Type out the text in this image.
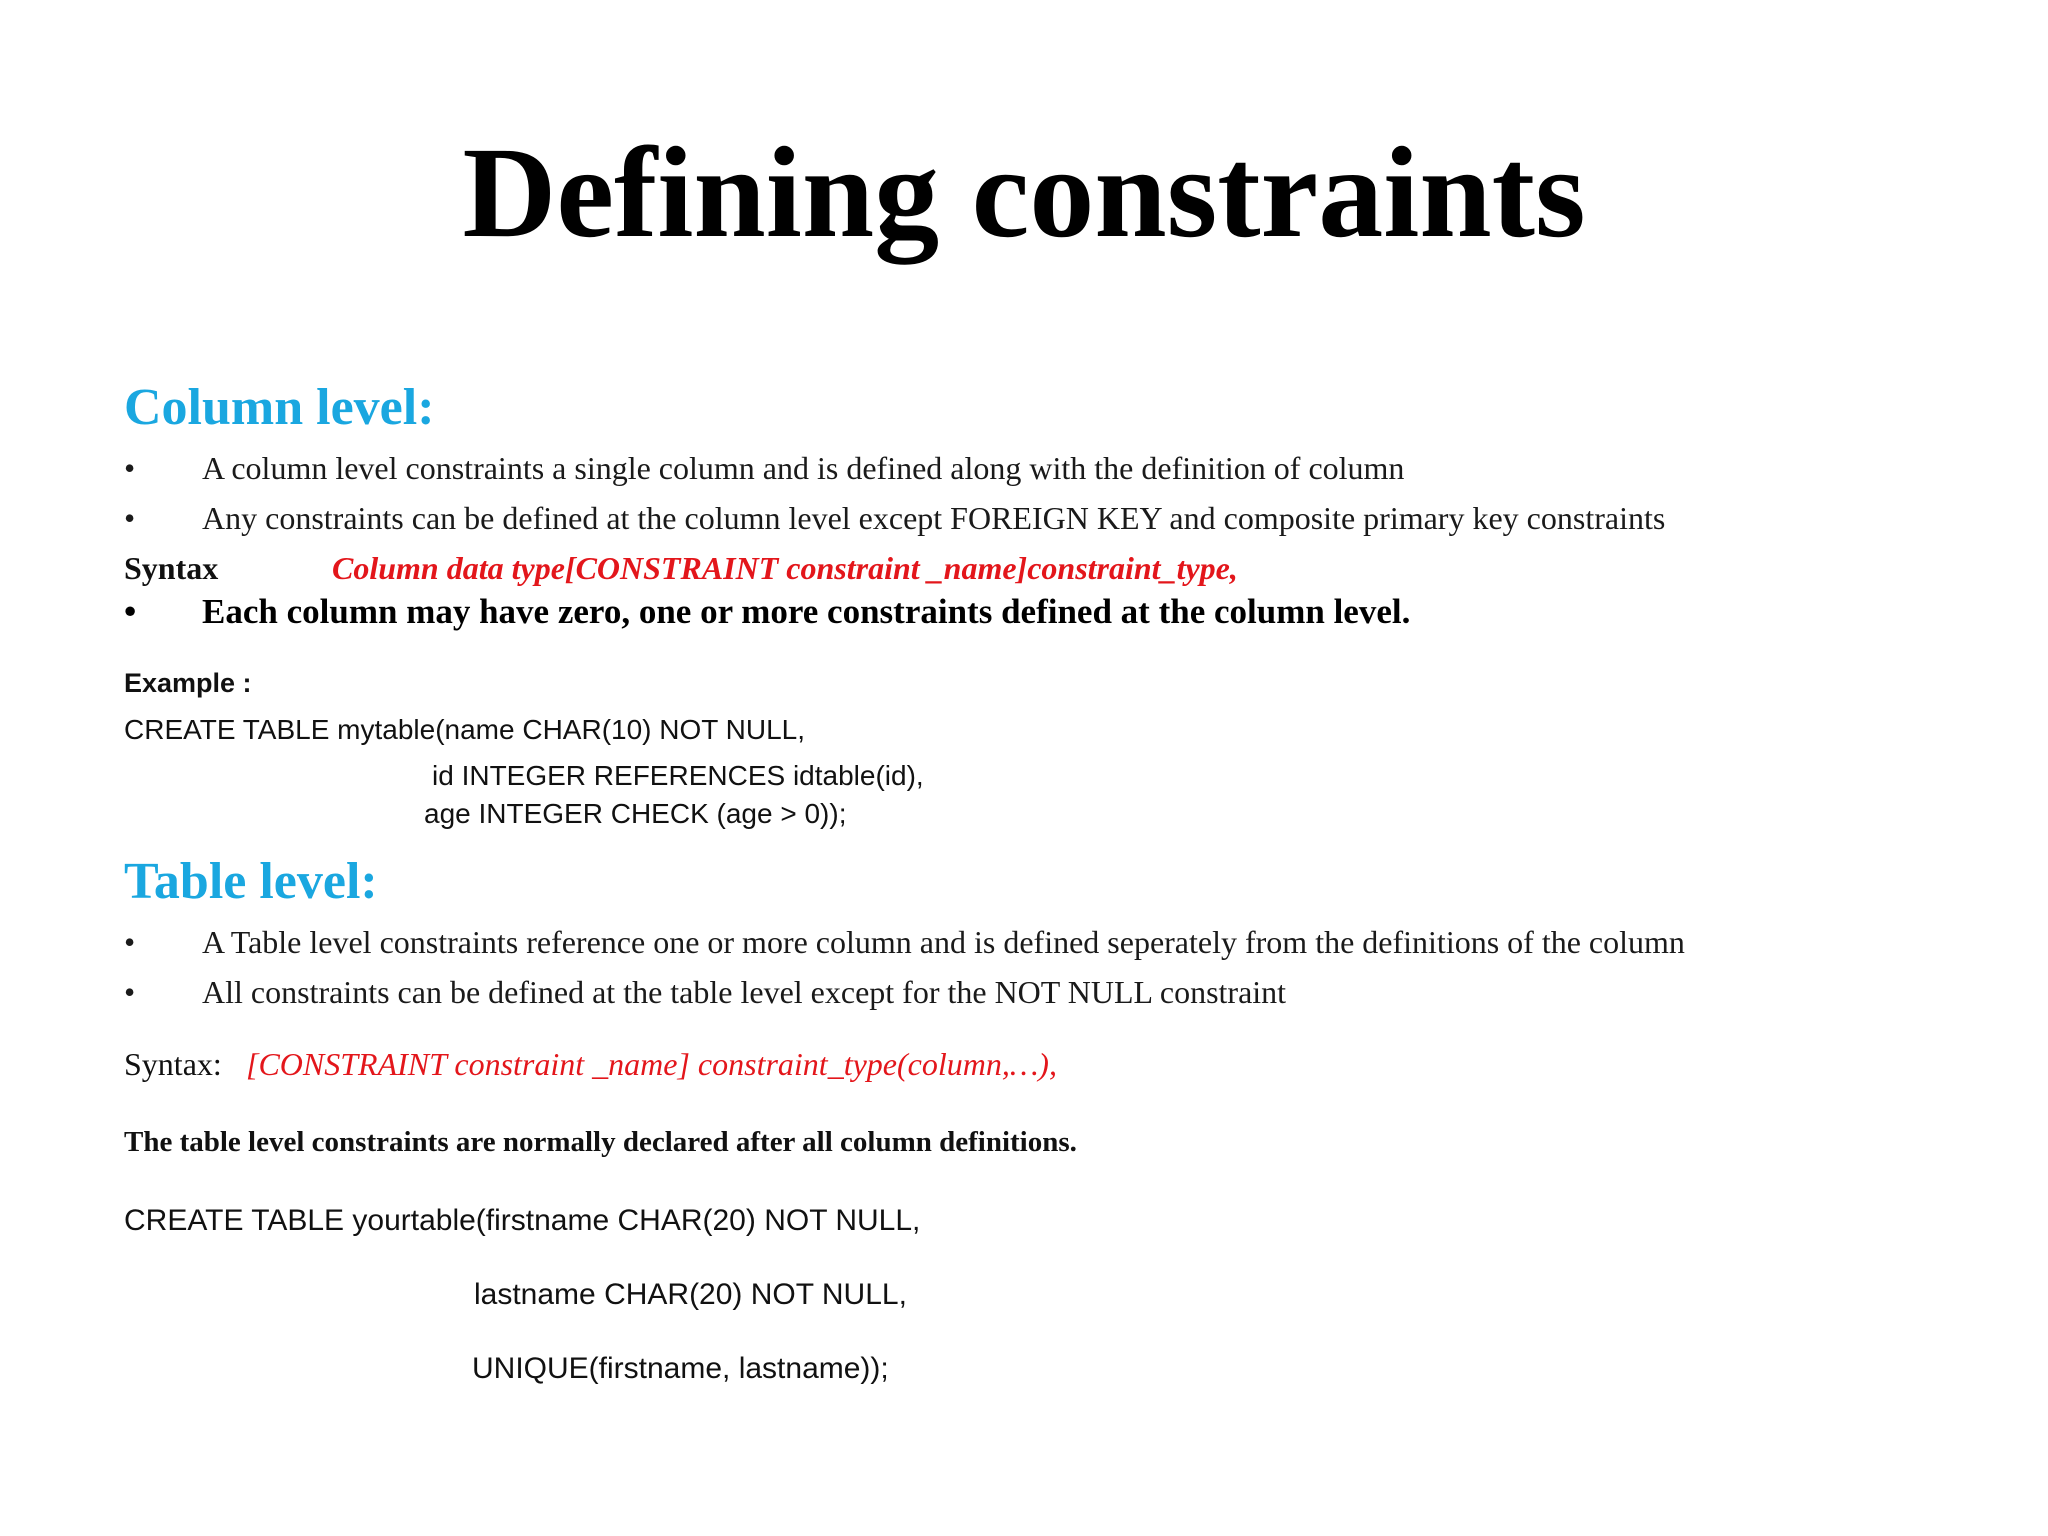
Defining constraints
Column level:
• A column level constraints a single column and is defined along with the definition of column
• Any constraints can be defined at the column level except FOREIGN KEY and composite primary key constraints
Syntax	Column data type[CONSTRAINT constraint _name]constraint_type,
• Each column may have zero, one or more constraints defined at the column level.
Example :
CREATE TABLE mytable(name CHAR(10) NOT NULL,
id INTEGER REFERENCES idtable(id),
age INTEGER CHECK (age > 0));
Table level:
• A Table level constraints reference one or more column and is defined seperately from the definitions of the column
• All constraints can be defined at the table level except for the NOT NULL constraint
Syntax: [CONSTRAINT constraint _name] constraint_type(column,…),
The table level constraints are normally declared after all column definitions.
CREATE TABLE yourtable(firstname CHAR(20) NOT NULL,
lastname CHAR(20) NOT NULL,
UNIQUE(firstname, lastname));
